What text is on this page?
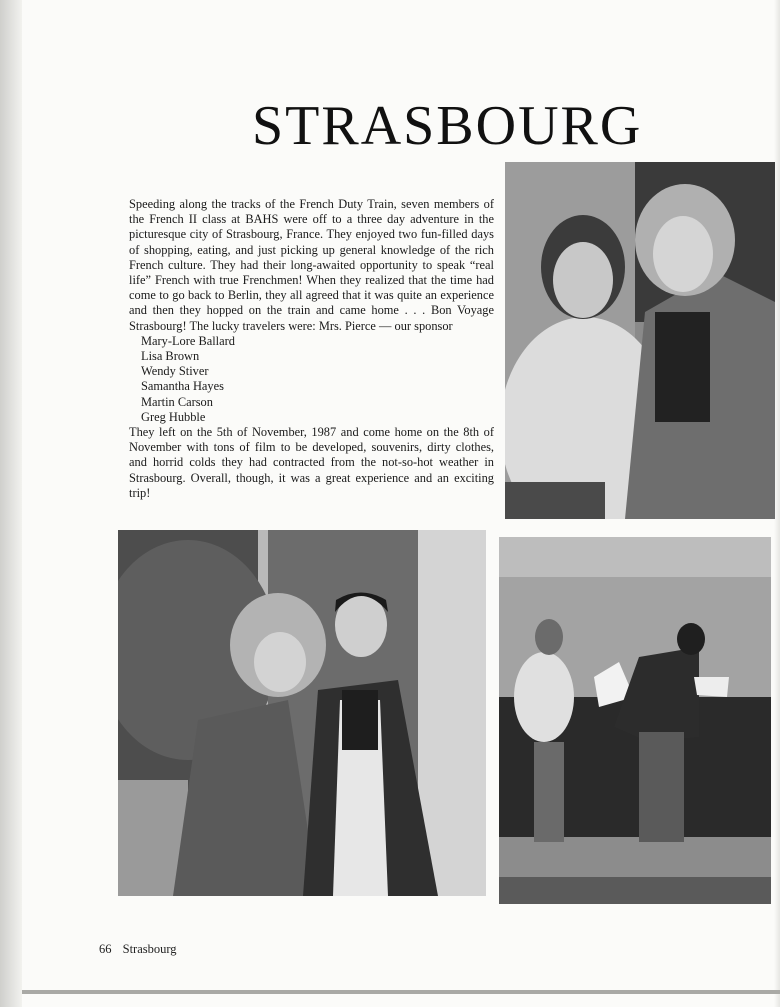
STRASBOURG

Speeding along the tracks of the French Duty Train, seven members of the French II class at BAHS were off to a three day adventure in the picturesque city of Strasbourg, France. They enjoyed two fun-filled days of shopping, eating, and just picking up general knowledge of the rich French culture. They had their long-awaited opportunity to speak “real life” French with true Frenchmen! When they realized that the time had come to go back to Berlin, they all agreed that it was quite an experience and then they hopped on the train and came home . . . Bon Voyage Strasbourg! The lucky travelers were: Mrs. Pierce — our sponsor

Mary-Lore Ballard
Lisa Brown
Wendy Stiver
Samantha Hayes
Martin Carson
Greg Hubble

They left on the 5th of November, 1987 and come home on the 8th of November with tons of film to be developed, souvenirs, dirty clothes, and horrid colds they had contracted from the not-so-hot weather in Strasbourg. Overall, though, it was a great experience and an exciting trip!

66 Strasbourg
